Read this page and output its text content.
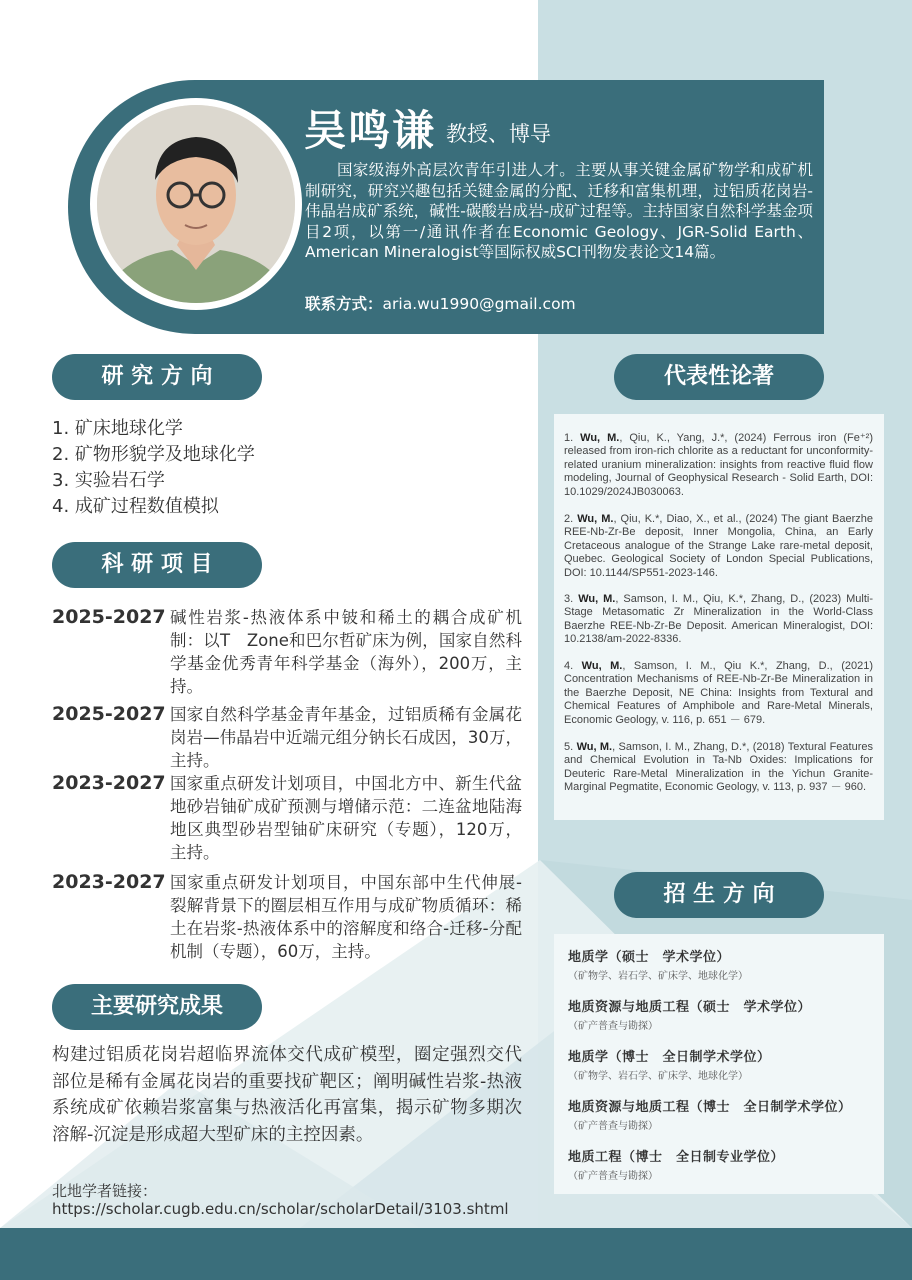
吴鸣谦 教授、博导
国家级海外高层次青年引进人才。主要从事关键金属矿物学和成矿机制研究，研究兴趣包括关键金属的分配、迁移和富集机理，过铝质花岗岩-伟晶岩成矿系统，碱性-碳酸岩成岩-成矿过程等。主持国家自然科学基金项目2项，以第一/通讯作者在Economic Geology、JGR-Solid Earth、American Mineralogist等国际权威SCI刊物发表论文14篇。
联系方式：aria.wu1990@gmail.com
研 究 方 向
1. 矿床地球化学
2. 矿物形貌学及地球化学
3. 实验岩石学
4. 成矿过程数值模拟
科 研 项 目
2025-2027 碱性岩浆-热液体系中铍和稀土的耦合成矿机制：以T　Zone和巴尔哲矿床为例，国家自然科学基金优秀青年科学基金（海外），200万，主持。
2025-2027 国家自然科学基金青年基金，过铝质稀有金属花岗岩—伟晶岩中近端元组分钠长石成因，30万，主持。
2023-2027 国家重点研发计划项目，中国北方中、新生代盆地砂岩铀矿成矿预测与增储示范：二连盆地陆海地区典型砂岩型铀矿床研究（专题），120万，主持。
2023-2027 国家重点研发计划项目，中国东部中生代伸展-裂解背景下的圈层相互作用与成矿物质循环：稀土在岩浆-热液体系中的溶解度和络合-迁移-分配机制（专题），60万，主持。
主要研究成果
构建过铝质花岗岩超临界流体交代成矿模型，圈定强烈交代部位是稀有金属花岗岩的重要找矿靶区；阐明碱性岩浆-热液系统成矿依赖岩浆富集与热液活化再富集，揭示矿物多期次溶解-沉淀是形成超大型矿床的主控因素。
北地学者链接：
https://scholar.cugb.edu.cn/scholar/scholarDetail/3103.shtml
代表性论著
1. Wu, M., Qiu, K., Yang, J.*, (2024) Ferrous iron (Fe⁺²) released from iron-rich chlorite as a reductant for unconformity-related uranium mineralization: insights from reactive fluid flow modeling, Journal of Geophysical Research - Solid Earth, DOI: 10.1029/2024JB030063.
2. Wu, M., Qiu, K.*, Diao, X., et al., (2024) The giant Baerzhe REE-Nb-Zr-Be deposit, Inner Mongolia, China, an Early Cretaceous analogue of the Strange Lake rare-metal deposit, Quebec. Geological Society of London Special Publications, DOI: 10.1144/SP551-2023-146.
3. Wu, M., Samson, I. M., Qiu, K.*, Zhang, D., (2023) Multi-Stage Metasomatic Zr Mineralization in the World-Class Baerzhe REE-Nb-Zr-Be Deposit. American Mineralogist, DOI: 10.2138/am-2022-8336.
4. Wu, M., Samson, I. M., Qiu K.*, Zhang, D., (2021) Concentration Mechanisms of REE-Nb-Zr-Be Mineralization in the Baerzhe Deposit, NE China: Insights from Textural and Chemical Features of Amphibole and Rare-Metal Minerals, Economic Geology, v. 116, p. 651 － 679.
5. Wu, M., Samson, I. M., Zhang, D.*, (2018) Textural Features and Chemical Evolution in Ta-Nb Oxides: Implications for Deuteric Rare-Metal Mineralization in the Yichun Granite-Marginal Pegmatite, Economic Geology, v. 113, p. 937 － 960.
招 生 方 向
地质学（硕士　学术学位）
（矿物学、岩石学、矿床学、地球化学）
地质资源与地质工程（硕士　学术学位）
（矿产普查与勘探）
地质学（博士　全日制学术学位）
（矿物学、岩石学、矿床学、地球化学）
地质资源与地质工程（博士　全日制学术学位）
（矿产普查与勘探）
地质工程（博士　全日制专业学位）
（矿产普查与勘探）
